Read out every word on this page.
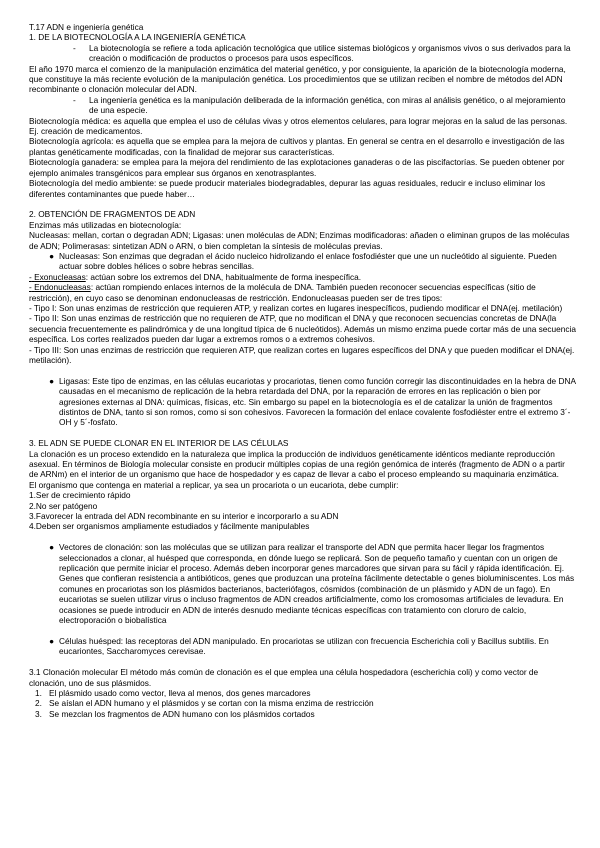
T.17 ADN e ingeniería genética

1. DE LA BIOTECNOLOGÍA A LA INGENIERÍA GENÉTICA

- La biotecnología se refiere a toda aplicación tecnológica que utilice sistemas biológicos y organismos vivos o sus derivados para la creación o modificación de productos o procesos para usos específicos.

El año 1970 marca el comienzo de la manipulación enzimática del material genético, y por consiguiente, la aparición de la biotecnología moderna, que constituye la más reciente evolución de la manipulación genética. Los procedimientos que se utilizan reciben el nombre de métodos del ADN recombinante o clonación molecular del ADN.

- La ingeniería genética es la manipulación deliberada de la información genética, con miras al análisis genético, o al mejoramiento de una especie.

Biotecnología médica: es aquella que emplea el uso de células vivas y otros elementos celulares, para lograr mejoras en la salud de las personas. Ej. creación de medicamentos.

Biotecnología agrícola: es aquella que se emplea para la mejora de cultivos y plantas. En general se centra en el desarrollo e investigación de las plantas genéticamente modificadas, con la finalidad de mejorar sus características.

Biotecnología ganadera: se emplea para la mejora del rendimiento de las explotaciones ganaderas o de las piscifactorías. Se pueden obtener por ejemplo animales transgénicos para emplear sus órganos en xenotrasplantes.

Biotecnología del medio ambiente: se puede producir materiales biodegradables, depurar las aguas residuales, reducir e incluso eliminar los diferentes contaminantes que puede haber…

2. OBTENCIÓN DE FRAGMENTOS DE ADN

Enzimas más utilizadas en biotecnología:

Nucleasas: mellan, cortan o degradan ADN; Ligasas: unen moléculas de ADN; Enzimas modificadoras: añaden o eliminan grupos de las moléculas de ADN; Polimerasas: sintetizan ADN o ARN, o bien completan la síntesis de moléculas previas.

● Nucleasas: Son enzimas que degradan el ácido nucleico hidrolizando el enlace fosfodiéster que une un nucleótido al siguiente. Pueden actuar sobre dobles hélices o sobre hebras sencillas.

- Exonucleasas: actúan sobre los extremos del DNA, habitualmente de forma inespecífica.

- Endonucleasas: actúan rompiendo enlaces internos de la molécula de DNA. También pueden reconocer secuencias específicas (sitio de restricción), en cuyo caso se denominan endonucleasas de restricción. Endonucleasas pueden ser de tres tipos:

- Tipo I: Son unas enzimas de restricción que requieren ATP, y realizan cortes en lugares inespecíficos, pudiendo modificar el DNA(ej. metilación)

- Tipo II: Son unas enzimas de restricción que no requieren de ATP, que no modifican el DNA y que reconocen secuencias concretas de DNA(la secuencia frecuentemente es palindrómica y de una longitud típica de 6 nucleótidos). Además un mismo enzima puede cortar más de una secuencia específica. Los cortes realizados pueden dar lugar a extremos romos o a extremos cohesivos.

- Tipo III: Son unas enzimas de restricción que requieren ATP, que realizan cortes en lugares específicos del DNA y que pueden modificar el DNA(ej. metilación).

● Ligasas: Este tipo de enzimas, en las células eucariotas y procariotas, tienen como función corregir las discontinuidades en la hebra de DNA causadas en el mecanismo de replicación de la hebra retardada del DNA, por la reparación de errores en las replicación o bien por agresiones externas al DNA: químicas, físicas, etc. Sin embargo su papel en la biotecnología es el de catalizar la unión de fragmentos distintos de DNA, tanto si son romos, como si son cohesivos. Favorecen la formación del enlace covalente fosfodiéster entre el extremo 3´-OH y 5´-fosfato.

3. EL ADN SE PUEDE CLONAR EN EL INTERIOR DE LAS CÉLULAS

La clonación es un proceso extendido en la naturaleza que implica la producción de individuos genéticamente idénticos mediante reproducción asexual. En términos de Biología molecular consiste en producir múltiples copias de una región genómica de interés (fragmento de ADN o a partir de ARNm) en el interior de un organismo que hace de hospedador y es capaz de llevar a cabo el proceso empleando su maquinaria enzimática.

El organismo que contenga en material a replicar, ya sea un procariota o un eucariota, debe cumplir:

1.Ser de crecimiento rápido

2.No ser patógeno

3.Favorecer la entrada del ADN recombinante en su interior e incorporarlo a su ADN

4.Deben ser organismos ampliamente estudiados y fácilmente manipulables

● Vectores de clonación: son las moléculas que se utilizan para realizar el transporte del ADN que permita hacer llegar los fragmentos seleccionados a clonar, al huésped que corresponda, en dónde luego se replicará. Son de pequeño tamaño y cuentan con un origen de replicación que permite iniciar el proceso. Además deben incorporar genes marcadores que sirvan para su fácil y rápida identificación. Ej. Genes que confieran resistencia a antibióticos, genes que produzcan una proteína fácilmente detectable o genes bioluminiscentes. Los más comunes en procariotas son los plásmidos bacterianos, bacteriófagos, cósmidos (combinación de un plásmido y ADN de un fago). En eucariotas se suelen utilizar virus o incluso fragmentos de ADN creados artificialmente, como los cromosomas artificiales de levadura. En ocasiones se puede introducir en ADN de interés desnudo mediante técnicas específicas con tratamiento con cloruro de calcio, electroporación o biobalística

● Células huésped: las receptoras del ADN manipulado. En procariotas se utilizan con frecuencia Escherichia coli y Bacillus subtilis. En eucariontes, Saccharomyces cerevisae.

3.1 Clonación molecular El método más común de clonación es el que emplea una célula hospedadora (escherichia coli) y como vector de clonación, uno de sus plásmidos.

1. El plásmido usado como vector, lleva al menos, dos genes marcadores

2. Se aíslan el ADN humano y el plásmidos y se cortan con la misma enzima de restricción

3. Se mezclan los fragmentos de ADN humano con los plásmidos cortados
